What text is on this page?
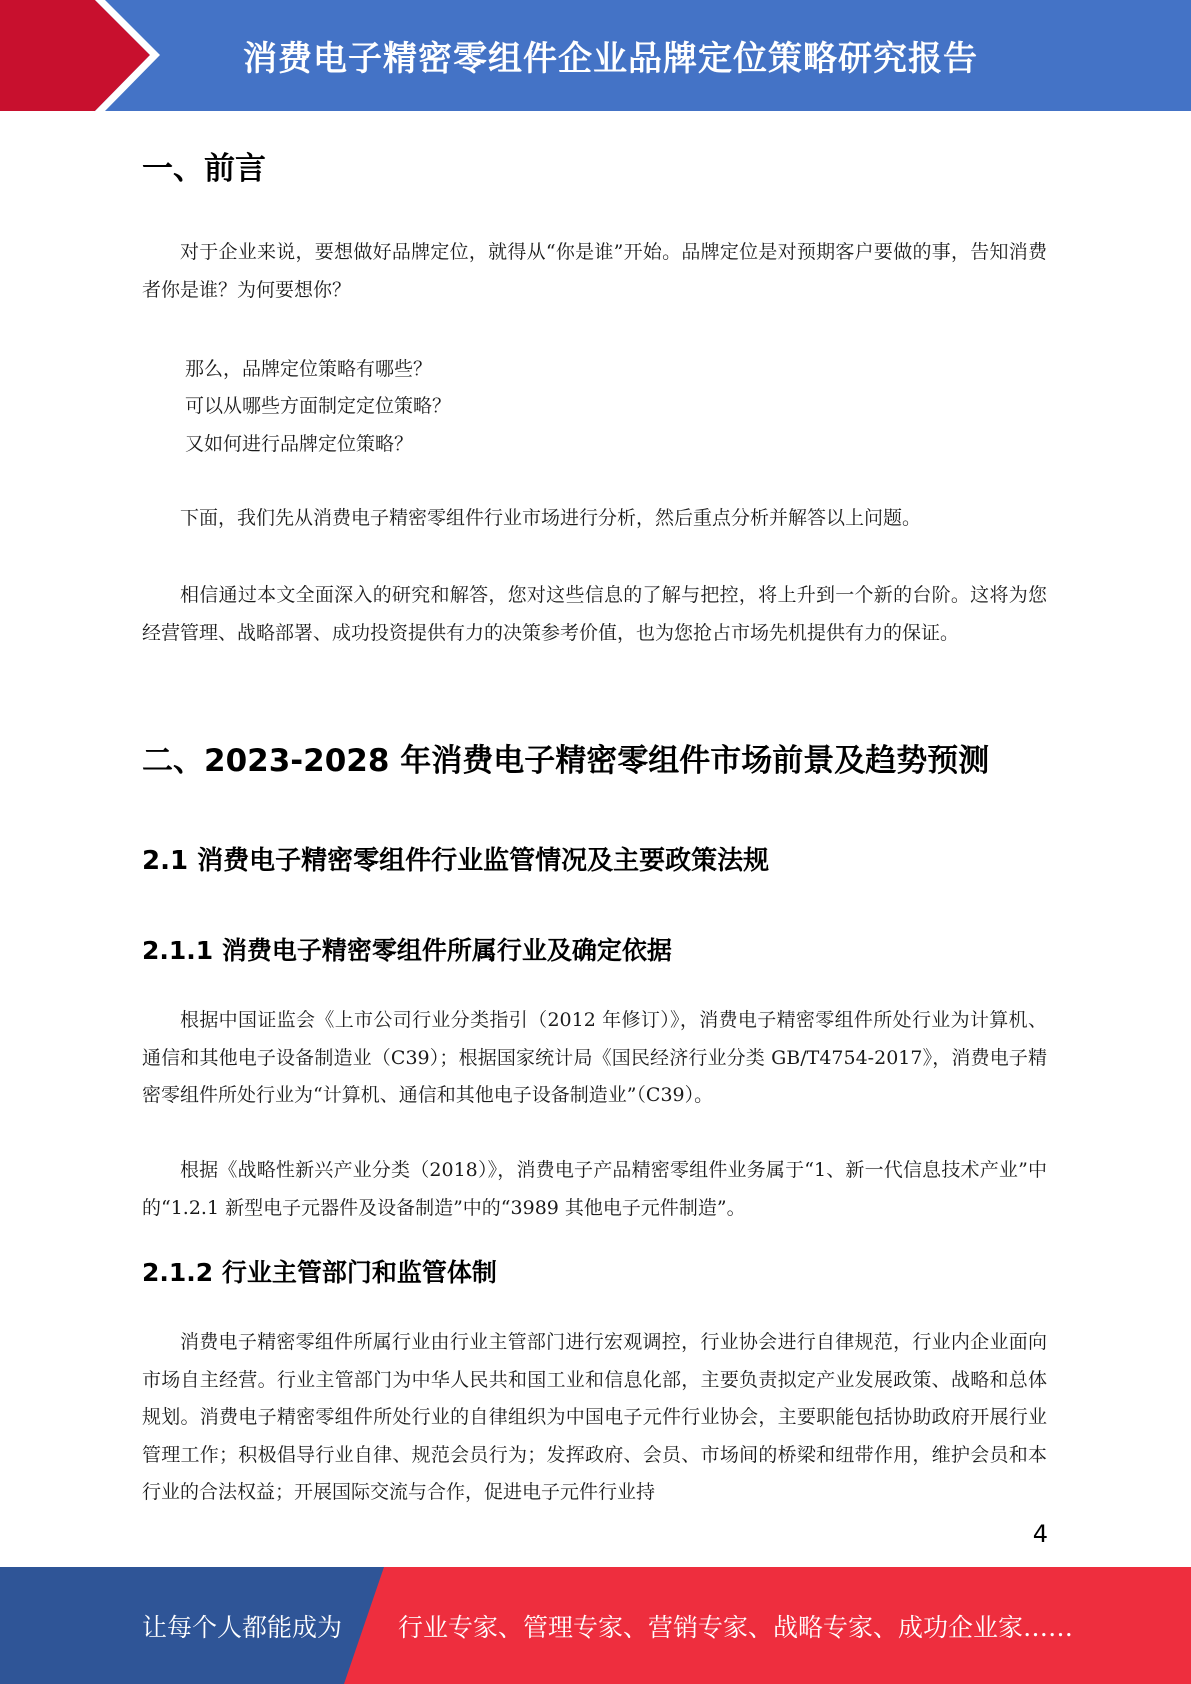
消费电子精密零组件企业品牌定位策略研究报告
一、前言

对于企业来说，要想做好品牌定位，就得从“你是谁”开始。品牌定位是对预期客户要做的事，告知消费者你是谁？为何要想你？

那么，品牌定位策略有哪些？

可以从哪些方面制定定位策略？

又如何进行品牌定位策略？

下面，我们先从消费电子精密零组件行业市场进行分析，然后重点分析并解答以上问题。

相信通过本文全面深入的研究和解答，您对这些信息的了解与把控，将上升到一个新的台阶。这将为您经营管理、战略部署、成功投资提供有力的决策参考价值，也为您抢占市场先机提供有力的保证。

二、2023-2028 年消费电子精密零组件市场前景及趋势预测
2.1 消费电子精密零组件行业监管情况及主要政策法规
2.1.1 消费电子精密零组件所属行业及确定依据

根据中国证监会《上市公司行业分类指引（2012 年修订）》，消费电子精密零组件所处行业为计算机、通信和其他电子设备制造业（C39）；根据国家统计局《国民经济行业分类 GB/T4754-2017》，消费电子精密零组件所处行业为“计算机、通信和其他电子设备制造业”（C39）。

根据《战略性新兴产业分类（2018）》，消费电子产品精密零组件业务属于“1、新一代信息技术产业”中的“1.2.1 新型电子元器件及设备制造”中的“3989 其他电子元件制造”。

2.1.2 行业主管部门和监管体制

消费电子精密零组件所属行业由行业主管部门进行宏观调控，行业协会进行自律规范，行业内企业面向市场自主经营。行业主管部门为中华人民共和国工业和信息化部，主要负责拟定产业发展政策、战略和总体规划。消费电子精密零组件所处行业的自律组织为中国电子元件行业协会，主要职能包括协助政府开展行业管理工作；积极倡导行业自律、规范会员行为；发挥政府、会员、市场间的桥梁和纽带作用，维护会员和本行业的合法权益；开展国际交流与合作，促进电子元件行业持

4
让每个人都能成为 行业专家、管理专家、营销专家、战略专家、成功企业家……
